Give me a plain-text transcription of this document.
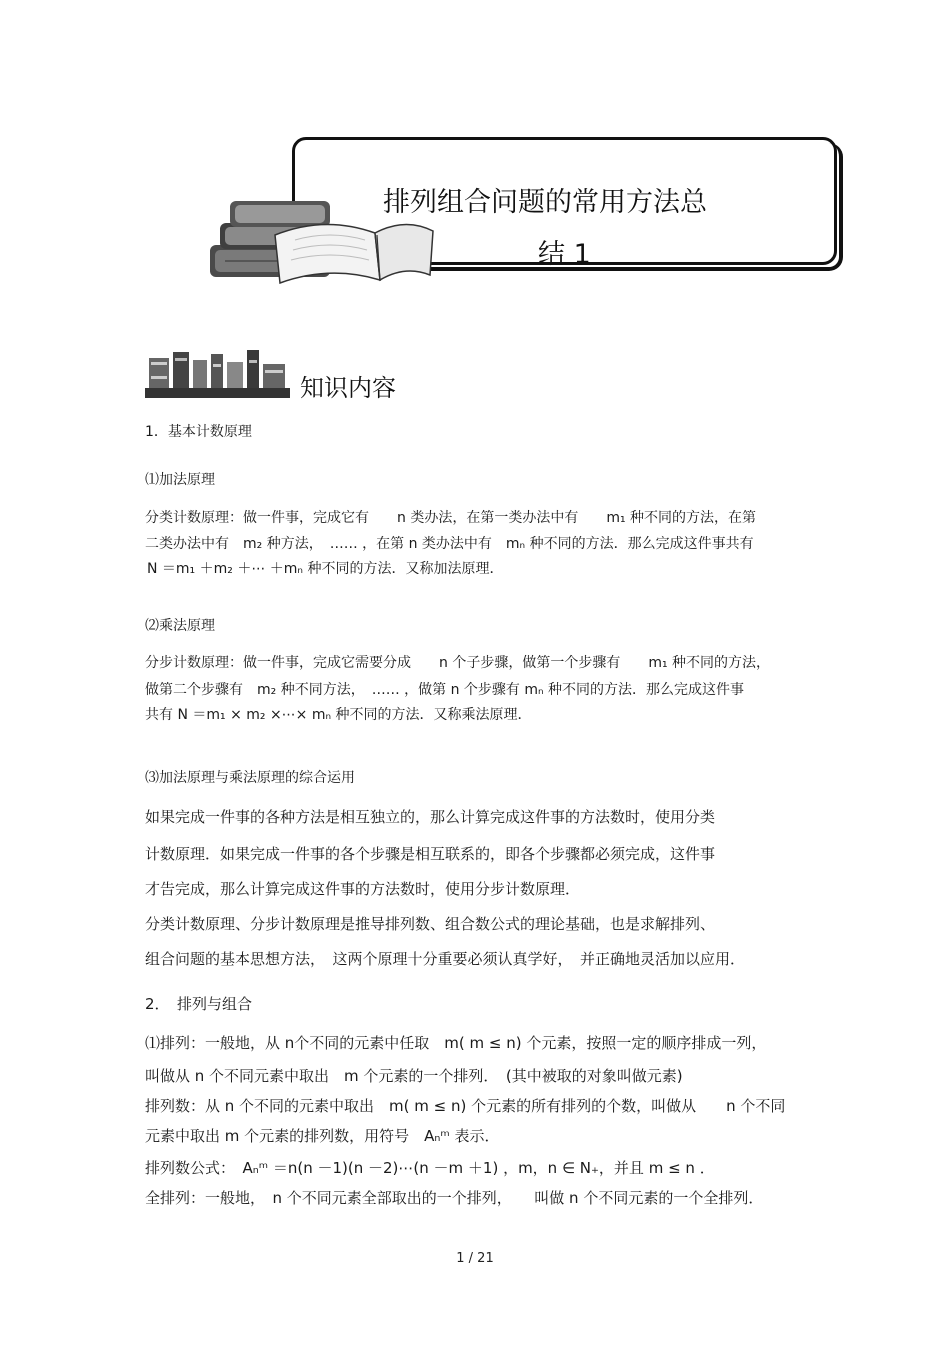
排列组合问题的常用方法总
结 1
知识内容
1．基本计数原理
⑴加法原理
分类计数原理：做一件事，完成它有　　n 类办法，在第一类办法中有　　m₁ 种不同的方法，在第
二类办法中有　m₂ 种方法，　…… ，在第 n 类办法中有　mₙ 种不同的方法．那么完成这件事共有
N ＝m₁ ＋m₂ ＋⋯ ＋mₙ 种不同的方法．又称加法原理．
⑵乘法原理
分步计数原理：做一件事，完成它需要分成　　n 个子步骤，做第一个步骤有　　m₁ 种不同的方法，
做第二个步骤有　m₂ 种不同方法，　…… ，做第 n 个步骤有 mₙ 种不同的方法．那么完成这件事
共有 N ＝m₁ × m₂ ×⋯× mₙ 种不同的方法．又称乘法原理．
⑶加法原理与乘法原理的综合运用
如果完成一件事的各种方法是相互独立的，那么计算完成这件事的方法数时，使用分类
计数原理．如果完成一件事的各个步骤是相互联系的，即各个步骤都必须完成，这件事
才告完成，那么计算完成这件事的方法数时，使用分步计数原理．
分类计数原理、分步计数原理是推导排列数、组合数公式的理论基础，也是求解排列、
组合问题的基本思想方法，　这两个原理十分重要必须认真学好，　并正确地灵活加以应用．
2．　排列与组合
⑴排列：一般地，从 n个不同的元素中任取　m( m ≤ n) 个元素，按照一定的顺序排成一列，
叫做从 n 个不同元素中取出　m 个元素的一个排列．　(其中被取的对象叫做元素)
排列数：从 n 个不同的元素中取出　m( m ≤ n) 个元素的所有排列的个数，叫做从　　n 个不同
元素中取出 m 个元素的排列数，用符号　Aₙᵐ 表示．
排列数公式：　Aₙᵐ ＝n(n －1)(n －2)⋯(n －m ＋1) ，m，n ∈ N₊，并且 m ≤ n ．
全排列：一般地，　n 个不同元素全部取出的一个排列，　　叫做 n 个不同元素的一个全排列．
1 / 21
